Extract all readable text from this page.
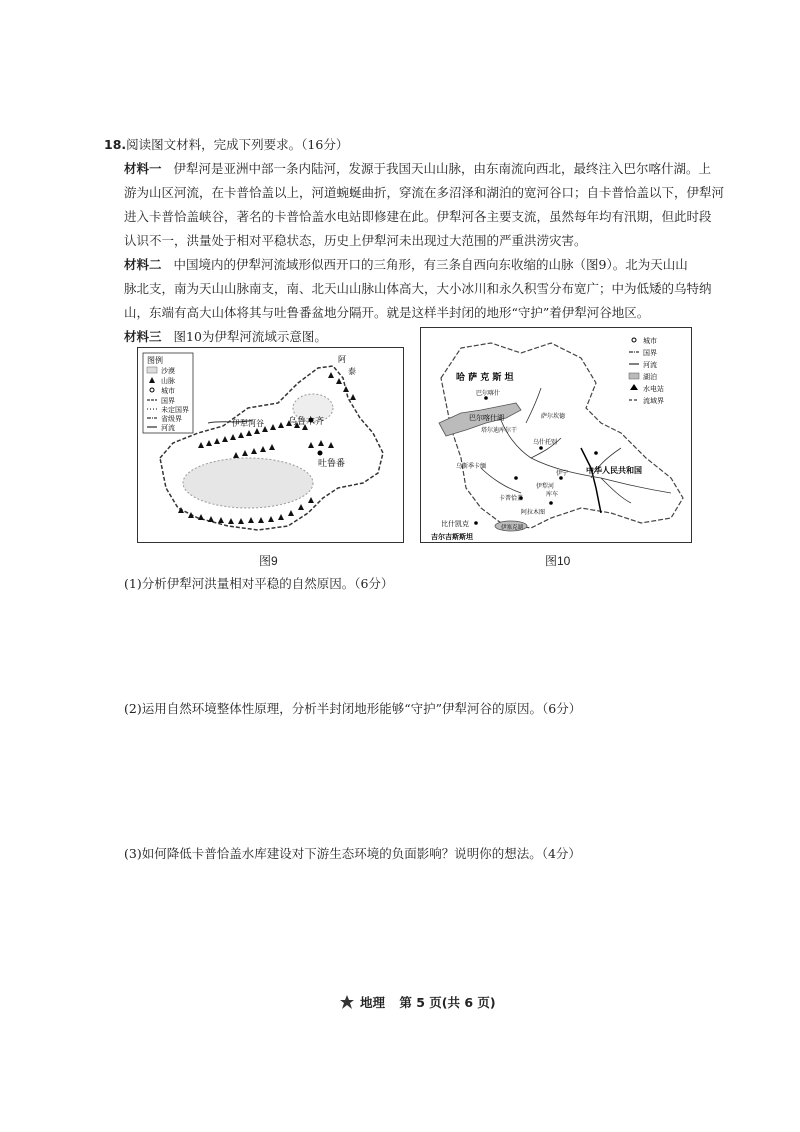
18.阅读图文材料，完成下列要求。（16分）
材料一 伊犁河是亚洲中部一条内陆河，发源于我国天山山脉，由东南流向西北，最终注入巴尔喀什湖。上
游为山区河流，在卡普恰盖以上，河道蜿蜒曲折，穿流在多沼泽和湖泊的宽河谷口；自卡普恰盖以下，伊犁河
进入卡普恰盖峡谷，著名的卡普恰盖水电站即修建在此。伊犁河各主要支流，虽然每年均有汛期，但此时段
认识不一，洪量处于相对平稳状态，历史上伊犁河未出现过大范围的严重洪涝灾害。
材料二 中国境内的伊犁河流域形似西开口的三角形，有三条自西向东收缩的山脉（图9）。北为天山山
脉北支，南为天山山脉南支，南、北天山山脉山体高大，大小冰川和永久积雪分布宽广；中为低矮的乌特纳
山，东端有高大山体将其与吐鲁番盆地分隔开。就是这样半封闭的地形“守护”着伊犁河谷地区。
材料三 图10为伊犁河流域示意图。
乌鲁木齐
吐鲁番
伊犁河谷
阿
泰
图例
沙漠
山脉
城市
国界
未定国界
省级界
河流
图9
哈 萨 克 斯 坦
巴尔喀什湖
中华人民共和国
吉尔吉斯斯坦
比什凯克
伊犁河
伊塞克湖
巴尔喀什
塔尔迪库尔干
乌什托别
乌斯季卡缅
卡普恰盖
阿拉木图
伊宁
库车
萨尔坎德
城市
国界
河流
湖泊
水电站
流域界
图10
(1)分析伊犁河洪量相对平稳的自然原因。（6分）
(2)运用自然环境整体性原理，分析半封闭地形能够“守护”伊犁河谷的原因。（6分）
(3)如何降低卡普恰盖水库建设对下游生态环境的负面影响？说明你的想法。（4分）
地理 第 5 页(共 6 页)
